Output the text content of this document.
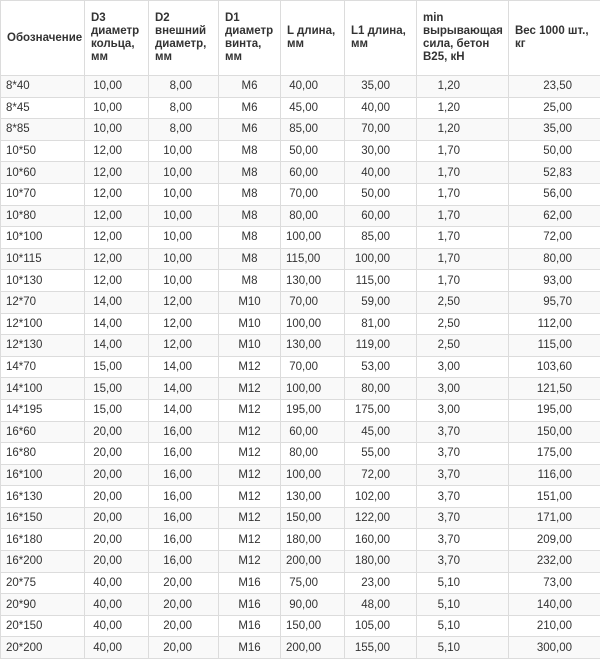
Обозначение	D3 диаметр кольца, мм	D2 внешний диаметр, мм	D1 диаметр винта, мм	L длина, мм	L1 длина, мм	min вырывающая сила, бетон В25, кН	Вес 1000 шт., кг
8*40	10,00	8,00	M6	40,00	35,00	1,20	23,50
8*45	10,00	8,00	M6	45,00	40,00	1,20	25,00
8*85	10,00	8,00	M6	85,00	70,00	1,20	35,00
10*50	12,00	10,00	M8	50,00	30,00	1,70	50,00
10*60	12,00	10,00	M8	60,00	40,00	1,70	52,83
10*70	12,00	10,00	M8	70,00	50,00	1,70	56,00
10*80	12,00	10,00	M8	80,00	60,00	1,70	62,00
10*100	12,00	10,00	M8	100,00	85,00	1,70	72,00
10*115	12,00	10,00	M8	115,00	100,00	1,70	80,00
10*130	12,00	10,00	M8	130,00	115,00	1,70	93,00
12*70	14,00	12,00	M10	70,00	59,00	2,50	95,70
12*100	14,00	12,00	M10	100,00	81,00	2,50	112,00
12*130	14,00	12,00	M10	130,00	119,00	2,50	115,00
14*70	15,00	14,00	M12	70,00	53,00	3,00	103,60
14*100	15,00	14,00	M12	100,00	80,00	3,00	121,50
14*195	15,00	14,00	M12	195,00	175,00	3,00	195,00
16*60	20,00	16,00	M12	60,00	45,00	3,70	150,00
16*80	20,00	16,00	M12	80,00	55,00	3,70	175,00
16*100	20,00	16,00	M12	100,00	72,00	3,70	116,00
16*130	20,00	16,00	M12	130,00	102,00	3,70	151,00
16*150	20,00	16,00	M12	150,00	122,00	3,70	171,00
16*180	20,00	16,00	M12	180,00	160,00	3,70	209,00
16*200	20,00	16,00	M12	200,00	180,00	3,70	232,00
20*75	40,00	20,00	M16	75,00	23,00	5,10	73,00
20*90	40,00	20,00	M16	90,00	48,00	5,10	140,00
20*150	40,00	20,00	M16	150,00	105,00	5,10	210,00
20*200	40,00	20,00	M16	200,00	155,00	5,10	300,00
